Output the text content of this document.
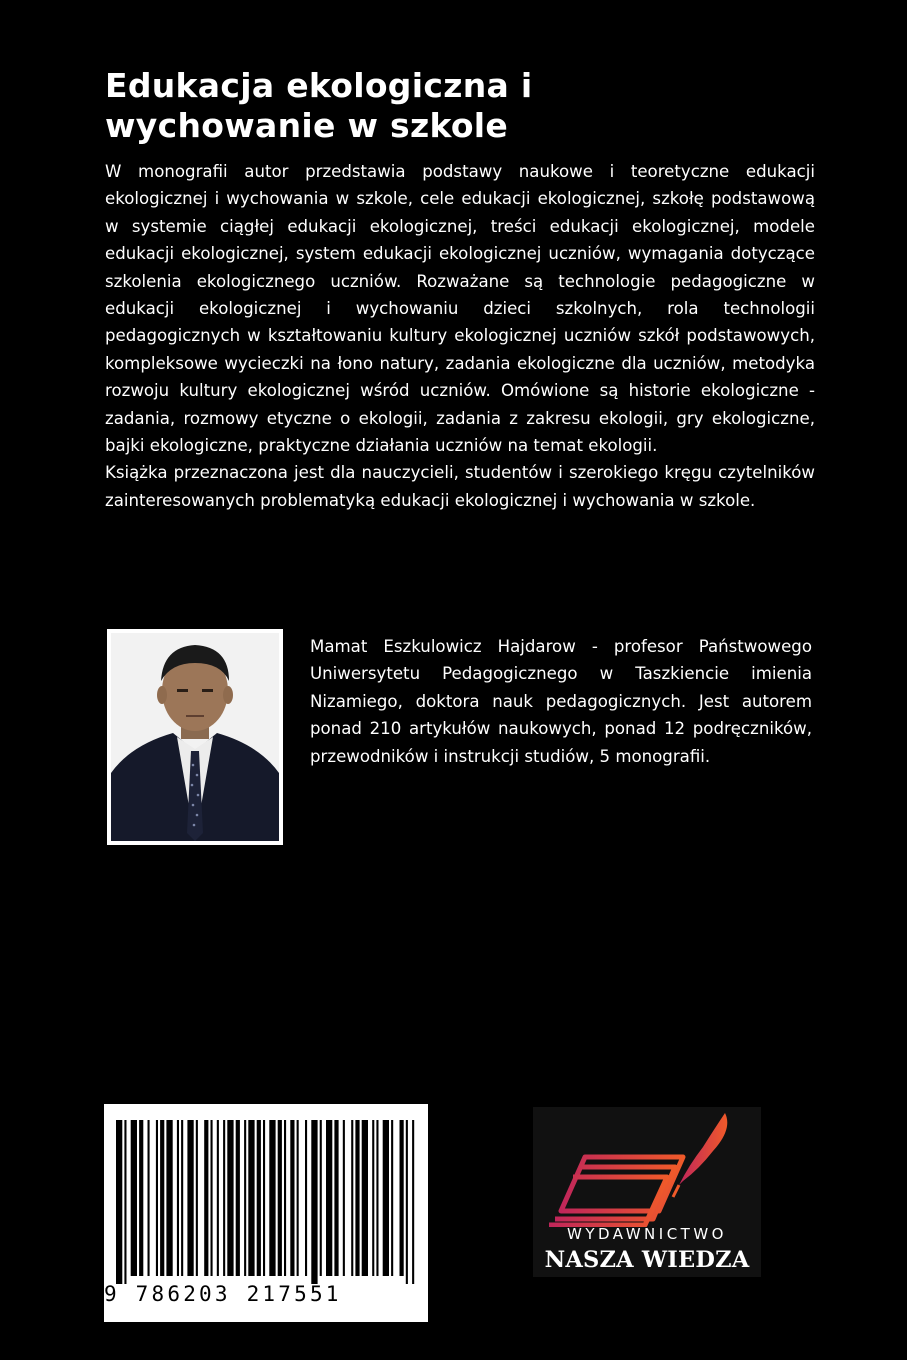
Edukacja ekologiczna i
wychowanie w szkole

W monografii autor przedstawia podstawy naukowe i teoretyczne edukacji ekologicznej i wychowania w szkole, cele edukacji ekologicznej, szkołę podstawową w systemie ciągłej edukacji ekologicznej, treści edukacji ekologicznej, modele edukacji ekologicznej, system edukacji ekologicznej uczniów, wymagania dotyczące szkolenia ekologicznego uczniów. Rozważane są technologie pedagogiczne w edukacji ekologicznej i wychowaniu dzieci szkolnych, rola technologii pedagogicznych w kształtowaniu kultury ekologicznej uczniów szkół podstawowych, kompleksowe wycieczki na łono natury, zadania ekologiczne dla uczniów, metodyka rozwoju kultury ekologicznej wśród uczniów. Omówione są historie ekologiczne - zadania, rozmowy etyczne o ekologii, zadania z zakresu ekologii, gry ekologiczne, bajki ekologiczne, praktyczne działania uczniów na temat ekologii.

Książka przeznaczona jest dla nauczycieli, studentów i szerokiego kręgu czytelników zainteresowanych problematyką edukacji ekologicznej i wychowania w szkole.

Mamat Eszkulowicz Hajdarow - profesor Państwowego Uniwersytetu Pedagogicznego w Taszkiencie imienia Nizamiego, doktora nauk pedagogicznych. Jest autorem ponad 210 artykułów naukowych, ponad 12 podręczników, przewodników i instrukcji studiów, 5 monografii.

9 786203 217551
WYDAWNICTWO
NASZA WIEDZA
